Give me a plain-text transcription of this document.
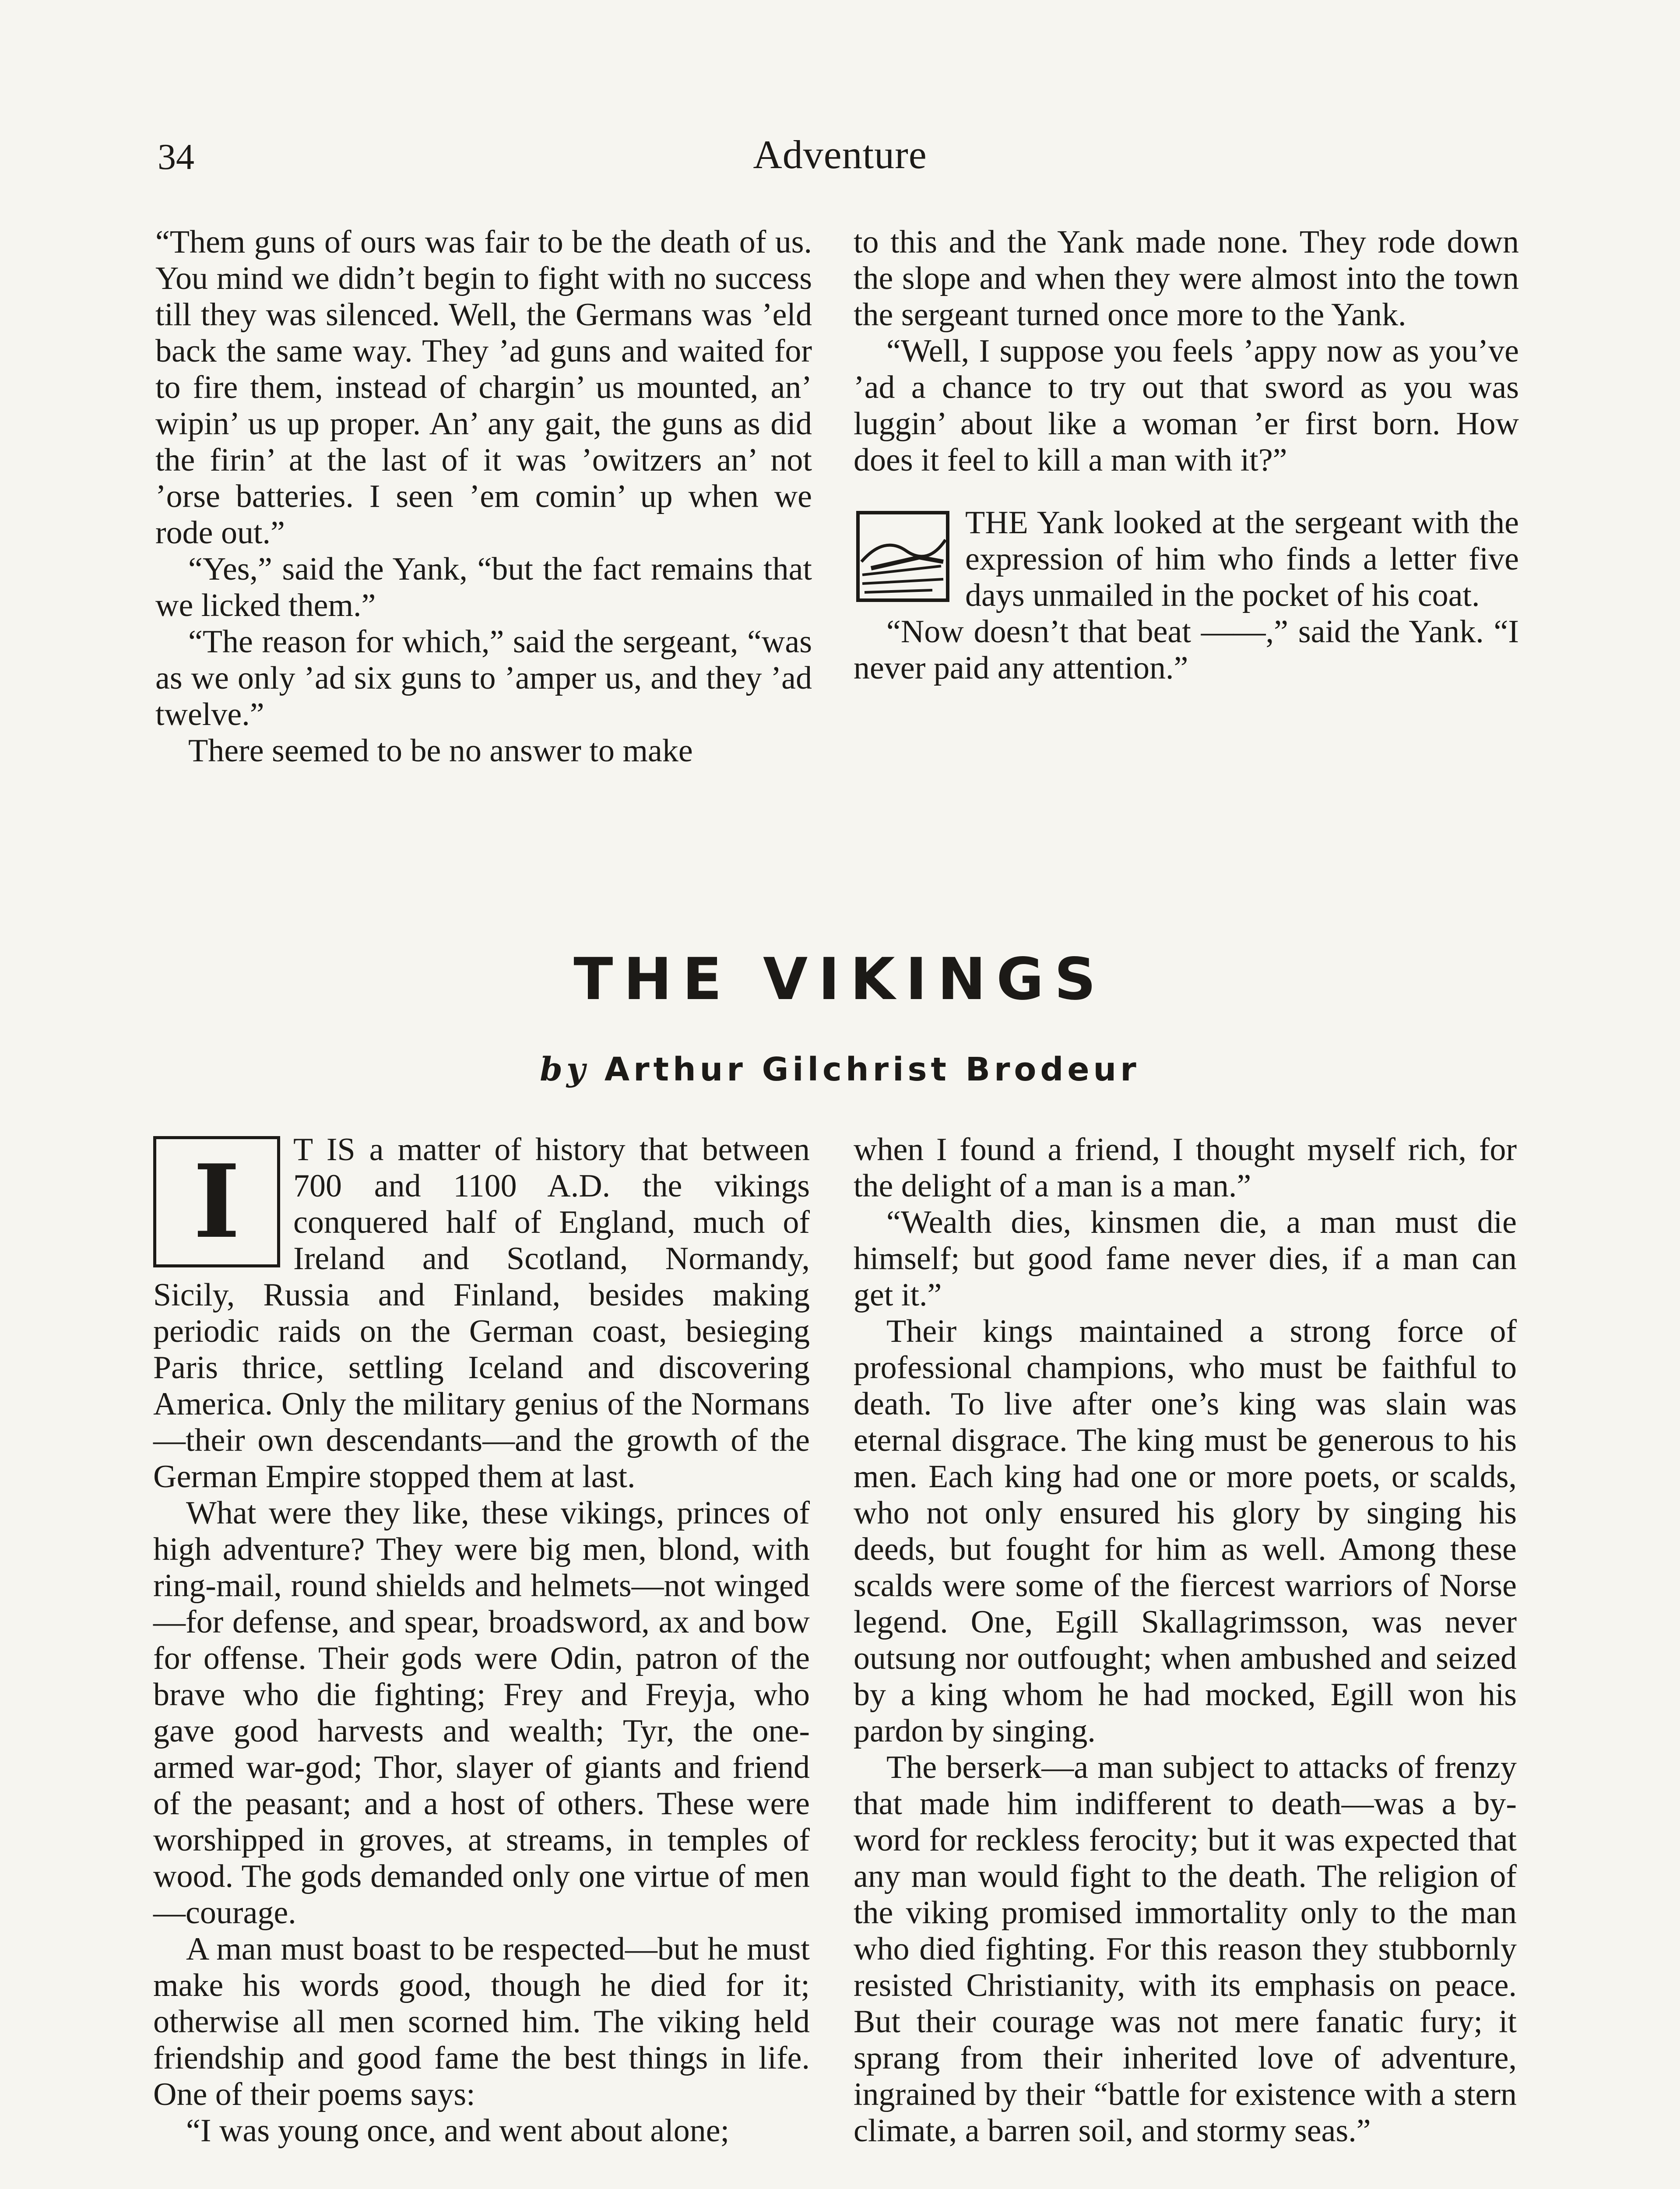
34	Adventure

“Them guns of ours was fair to be the death of us. You mind we didn’t begin to fight with no success till they was silenced. Well, the Germans was ’eld back the same way. They ’ad guns and waited for to fire them, instead of chargin’ us mounted, an’ wipin’ us up proper. An’ any gait, the guns as did the firin’ at the last of it was ’owitzers an’ not ’orse batteries. I seen ’em comin’ up when we rode out.”

“Yes,” said the Yank, “but the fact remains that we licked them.”

“The reason for which,” said the sergeant, “was as we only ’ad six guns to ’amper us, and they ’ad twelve.”

There seemed to be no answer to make

to this and the Yank made none. They rode down the slope and when they were almost into the town the sergeant turned once more to the Yank.

“Well, I suppose you feels ’appy now as you’ve ’ad a chance to try out that sword as you was luggin’ about like a woman ’er first born. How does it feel to kill a man with it?”

THE Yank looked at the sergeant with the expression of him who finds a letter five days unmailed in the pocket of his coat.

“Now doesn’t that beat ——,” said the Yank. “I never paid any attention.”

THE VIKINGS
by Arthur Gilchrist Brodeur
I	T IS a matter of history that between 700 and 1100 A.D. the vikings conquered half of England, much of Ireland and Scotland, Normandy, Sicily, Russia and Finland, besides making periodic raids on the German coast, besieging Paris thrice, settling Iceland and discovering America. Only the military genius of the Normans—their own descendants—and the growth of the German Empire stopped them at last.

What were they like, these vikings, princes of high adventure? They were big men, blond, with ring-mail, round shields and helmets—not winged—for defense, and spear, broadsword, ax and bow for offense. Their gods were Odin, patron of the brave who die fighting; Frey and Freyja, who gave good harvests and wealth; Tyr, the one-armed war-god; Thor, slayer of giants and friend of the peasant; and a host of others. These were worshipped in groves, at streams, in temples of wood. The gods demanded only one virtue of men—courage.

A man must boast to be respected—but he must make his words good, though he died for it; otherwise all men scorned him. The viking held friendship and good fame the best things in life. One of their poems says:

“I was young once, and went about alone;

when I found a friend, I thought myself rich, for the delight of a man is a man.”

“Wealth dies, kinsmen die, a man must die himself; but good fame never dies, if a man can get it.”

Their kings maintained a strong force of professional champions, who must be faithful to death. To live after one’s king was slain was eternal disgrace. The king must be generous to his men. Each king had one or more poets, or scalds, who not only ensured his glory by singing his deeds, but fought for him as well. Among these scalds were some of the fiercest warriors of Norse legend. One, Egill Skallagrimsson, was never outsung nor outfought; when ambushed and seized by a king whom he had mocked, Egill won his pardon by singing.

The berserk—a man subject to attacks of frenzy that made him indifferent to death—was a by-word for reckless ferocity; but it was expected that any man would fight to the death. The religion of the viking promised immortality only to the man who died fighting. For this reason they stubbornly resisted Christianity, with its emphasis on peace. But their courage was not mere fanatic fury; it sprang from their inherited love of adventure, ingrained by their “battle for existence with a stern climate, a barren soil, and stormy seas.”
